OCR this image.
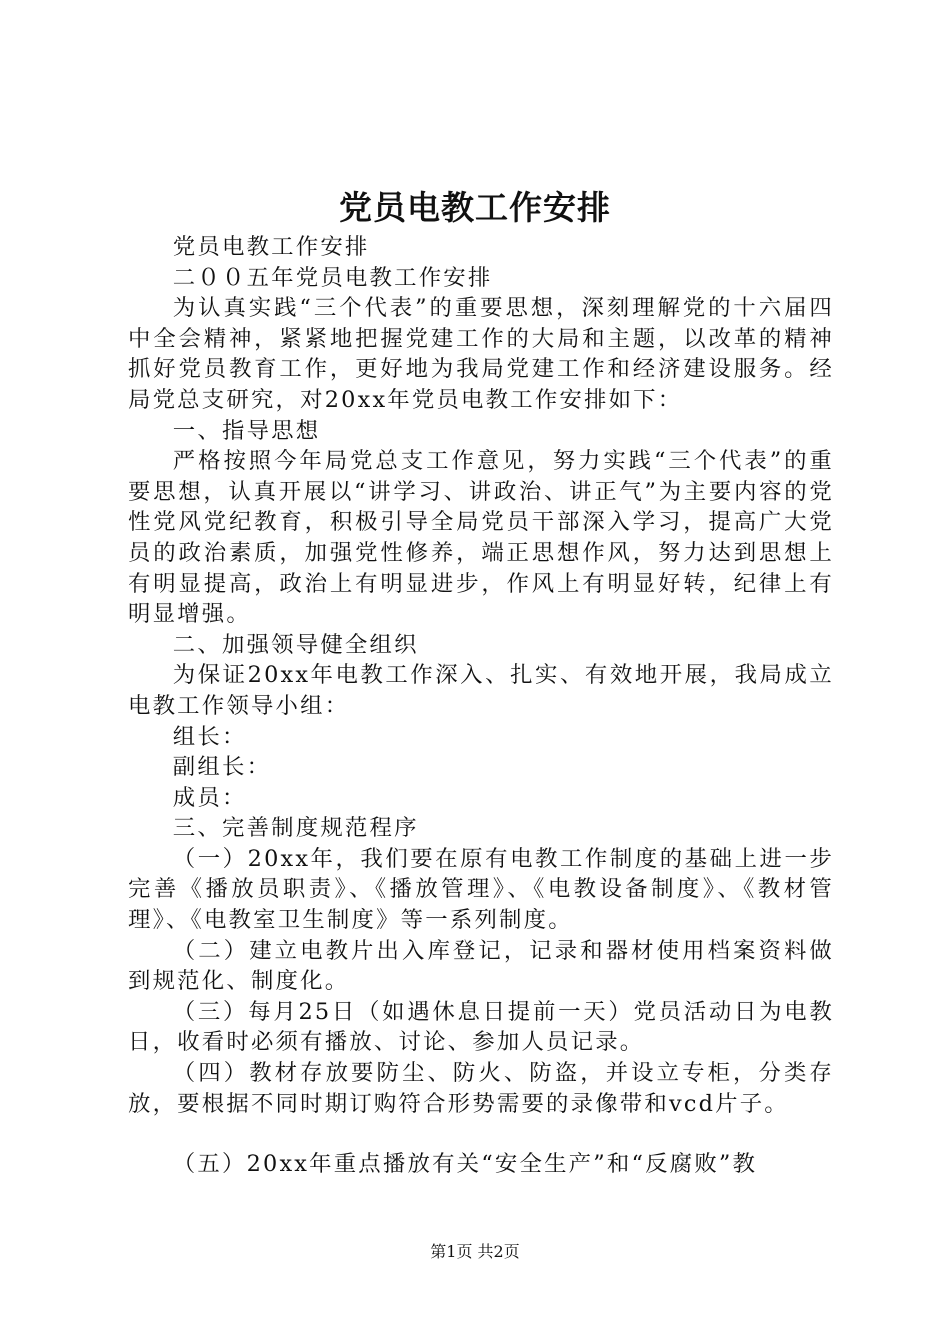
党员电教工作安排

党员电教工作安排

二００五年党员电教工作安排

为认真实践“三个代表”的重要思想，深刻理解党的十六届四中全会精神，紧紧地把握党建工作的大局和主题，以改革的精神抓好党员教育工作，更好地为我局党建工作和经济建设服务。经局党总支研究，对20xx年党员电教工作安排如下：

一、指导思想

严格按照今年局党总支工作意见，努力实践“三个代表”的重要思想，认真开展以“讲学习、讲政治、讲正气”为主要内容的党性党风党纪教育，积极引导全局党员干部深入学习，提高广大党员的政治素质，加强党性修养，端正思想作风，努力达到思想上有明显提高，政治上有明显进步，作风上有明显好转，纪律上有明显增强。

二、加强领导健全组织

为保证20xx年电教工作深入、扎实、有效地开展，我局成立电教工作领导小组：

组长：

副组长：

成员：

三、完善制度规范程序

（一）20xx年，我们要在原有电教工作制度的基础上进一步完善《播放员职责》、《播放管理》、《电教设备制度》、《教材管理》、《电教室卫生制度》等一系列制度。

（二）建立电教片出入库登记，记录和器材使用档案资料做到规范化、制度化。

（三）每月25日（如遇休息日提前一天）党员活动日为电教日，收看时必须有播放、讨论、参加人员记录。

（四）教材存放要防尘、防火、防盗，并设立专柜，分类存放，要根据不同时期订购符合形势需要的录像带和vcd片子。

（五）20xx年重点播放有关“安全生产”和“反腐败”教

第1页 共2页
